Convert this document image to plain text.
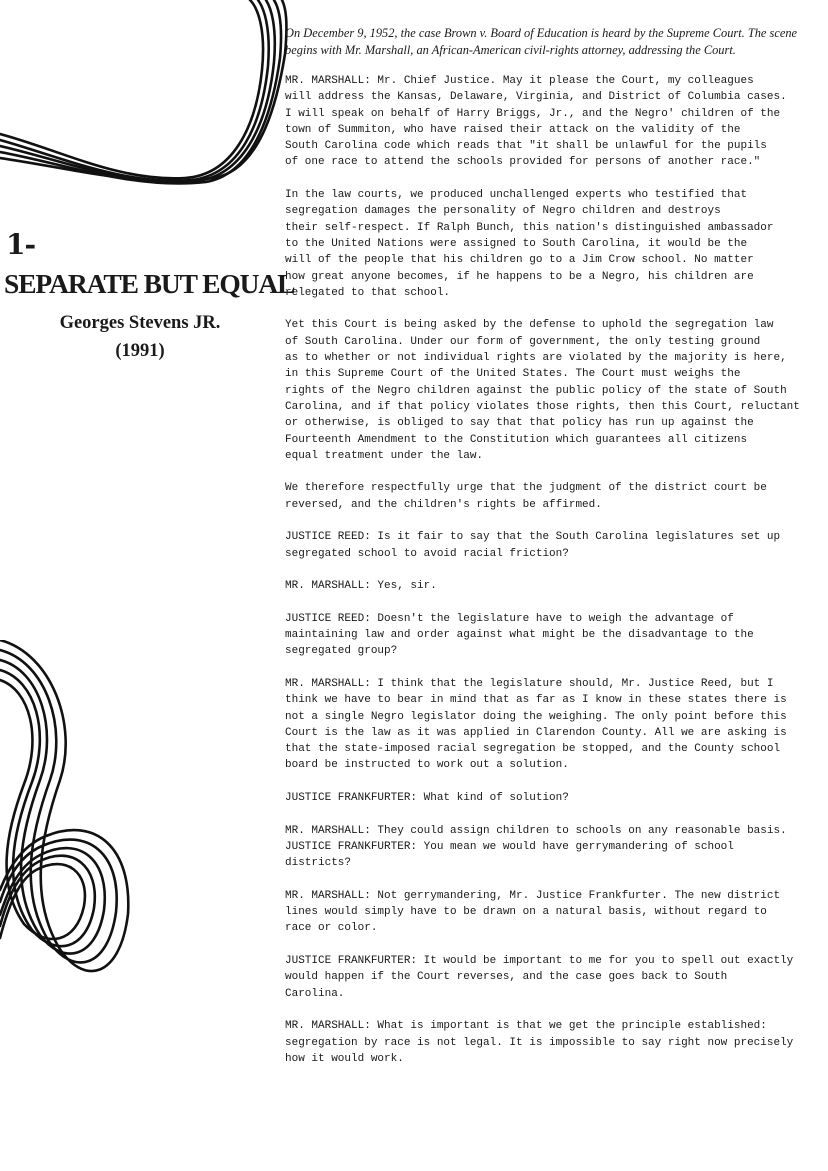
1-
SEPARATE BUT EQUAL
Georges Stevens JR.
(1991)

On December 9, 1952, the case Brown v. Board of Education is heard by the Supreme Court. The scene begins with Mr. Marshall, an African-American civil-rights attorney, addressing the Court.

MR. MARSHALL: Mr. Chief Justice. May it please the Court, my colleagues
will address the Kansas, Delaware, Virginia, and District of Columbia cases.
I will speak on behalf of Harry Briggs, Jr., and the Negro' children of the
town of Summiton, who have raised their attack on the validity of the
South Carolina code which reads that "it shall be unlawful for the pupils
of one race to attend the schools provided for persons of another race."

In the law courts, we produced unchallenged experts who testified that
segregation damages the personality of Negro children and destroys
their self-respect. If Ralph Bunch, this nation's distinguished ambassador
to the United Nations were assigned to South Carolina, it would be the
will of the people that his children go to a Jim Crow school. No matter
how great anyone becomes, if he happens to be a Negro, his children are
relegated to that school.

Yet this Court is being asked by the defense to uphold the segregation law
of South Carolina. Under our form of government, the only testing ground
as to whether or not individual rights are violated by the majority is here,
in this Supreme Court of the United States. The Court must weighs the
rights of the Negro children against the public policy of the state of South
Carolina, and if that policy violates those rights, then this Court, reluctant
or otherwise, is obliged to say that that policy has run up against the
Fourteenth Amendment to the Constitution which guarantees all citizens
equal treatment under the law.

We therefore respectfully urge that the judgment of the district court be
reversed, and the children's rights be affirmed.

JUSTICE REED: Is it fair to say that the South Carolina legislatures set up
segregated school to avoid racial friction?

MR. MARSHALL: Yes, sir.

JUSTICE REED: Doesn't the legislature have to weigh the advantage of
maintaining law and order against what might be the disadvantage to the
segregated group?

MR. MARSHALL: I think that the legislature should, Mr. Justice Reed, but I
think we have to bear in mind that as far as I know in these states there is
not a single Negro legislator doing the weighing. The only point before this
Court is the law as it was applied in Clarendon County. All we are asking is
that the state-imposed racial segregation be stopped, and the County school
board be instructed to work out a solution.

JUSTICE FRANKFURTER: What kind of solution?

MR. MARSHALL: They could assign children to schools on any reasonable basis.
JUSTICE FRANKFURTER: You mean we would have gerrymandering of school
districts?

MR. MARSHALL: Not gerrymandering, Mr. Justice Frankfurter. The new district
lines would simply have to be drawn on a natural basis, without regard to
race or color.

JUSTICE FRANKFURTER: It would be important to me for you to spell out exactly
would happen if the Court reverses, and the case goes back to South
Carolina.

MR. MARSHALL: What is important is that we get the principle established:
segregation by race is not legal. It is impossible to say right now precisely
how it would work.
